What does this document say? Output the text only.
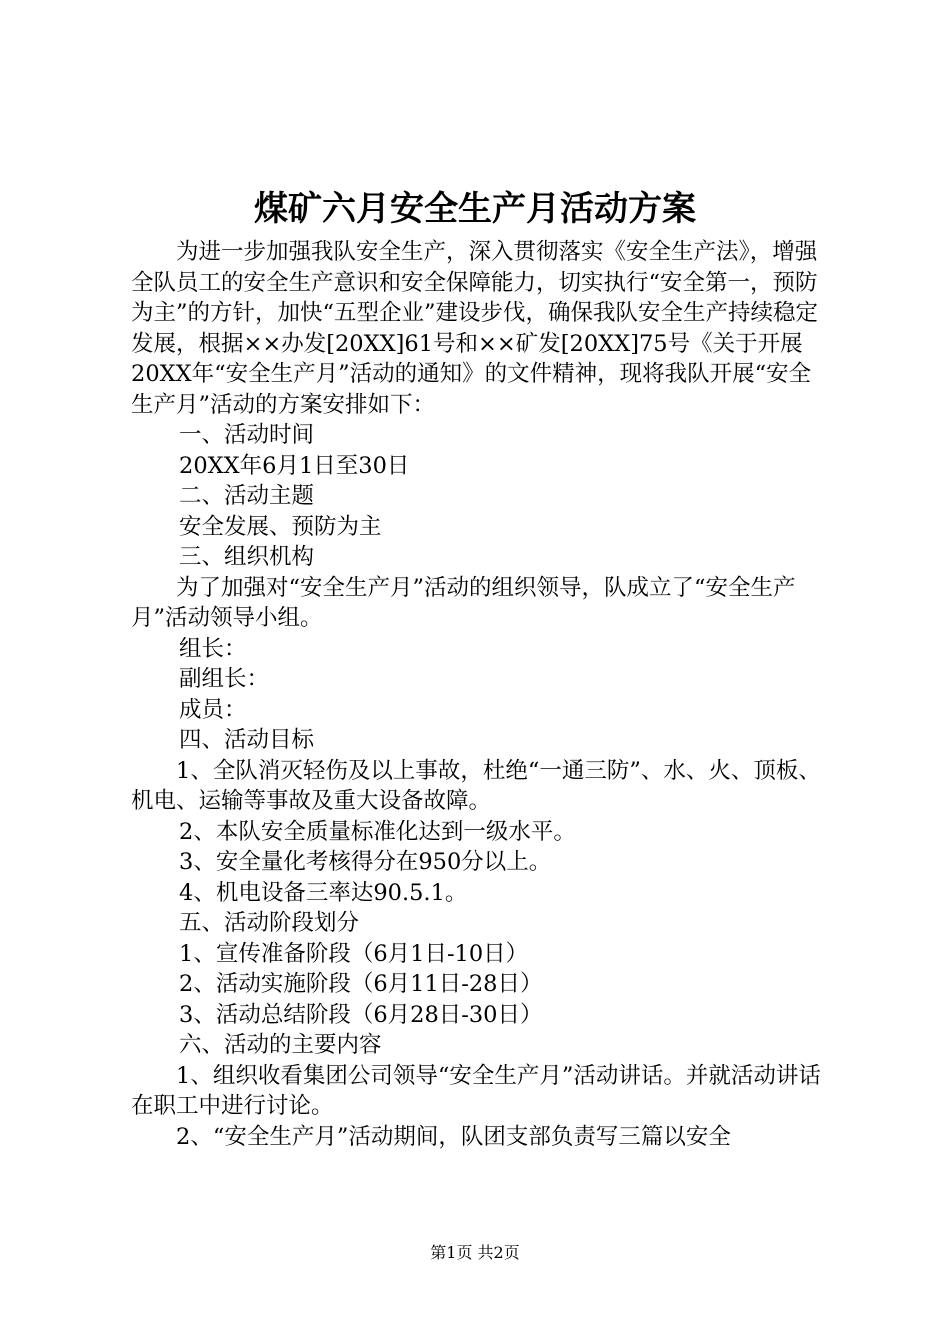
煤矿六月安全生产月活动方案

为进一步加强我队安全生产，深入贯彻落实《安全生产法》，增强全队员工的安全生产意识和安全保障能力，切实执行“安全第一，预防为主”的方针，加快“五型企业”建设步伐，确保我队安全生产持续稳定发展，根据××办发[20XX]61号和××矿发[20XX]75号《关于开展20XX年“安全生产月”活动的通知》的文件精神，现将我队开展“安全生产月”活动的方案安排如下：

一、活动时间

20XX年6月1日至30日

二、活动主题

安全发展、预防为主

三、组织机构

为了加强对“安全生产月”活动的组织领导，队成立了“安全生产月”活动领导小组。

组长：

副组长：

成员：

四、活动目标

1、全队消灭轻伤及以上事故，杜绝“一通三防”、水、火、顶板、机电、运输等事故及重大设备故障。

2、本队安全质量标准化达到一级水平。

3、安全量化考核得分在950分以上。

4、机电设备三率达90.5.1。

五、活动阶段划分

1、宣传准备阶段（6月1日-10日）

2、活动实施阶段（6月11日-28日）

3、活动总结阶段（6月28日-30日）

六、活动的主要内容

1、组织收看集团公司领导“安全生产月”活动讲话。并就活动讲话在职工中进行讨论。

2、“安全生产月”活动期间，队团支部负责写三篇以安全

第1页 共2页
